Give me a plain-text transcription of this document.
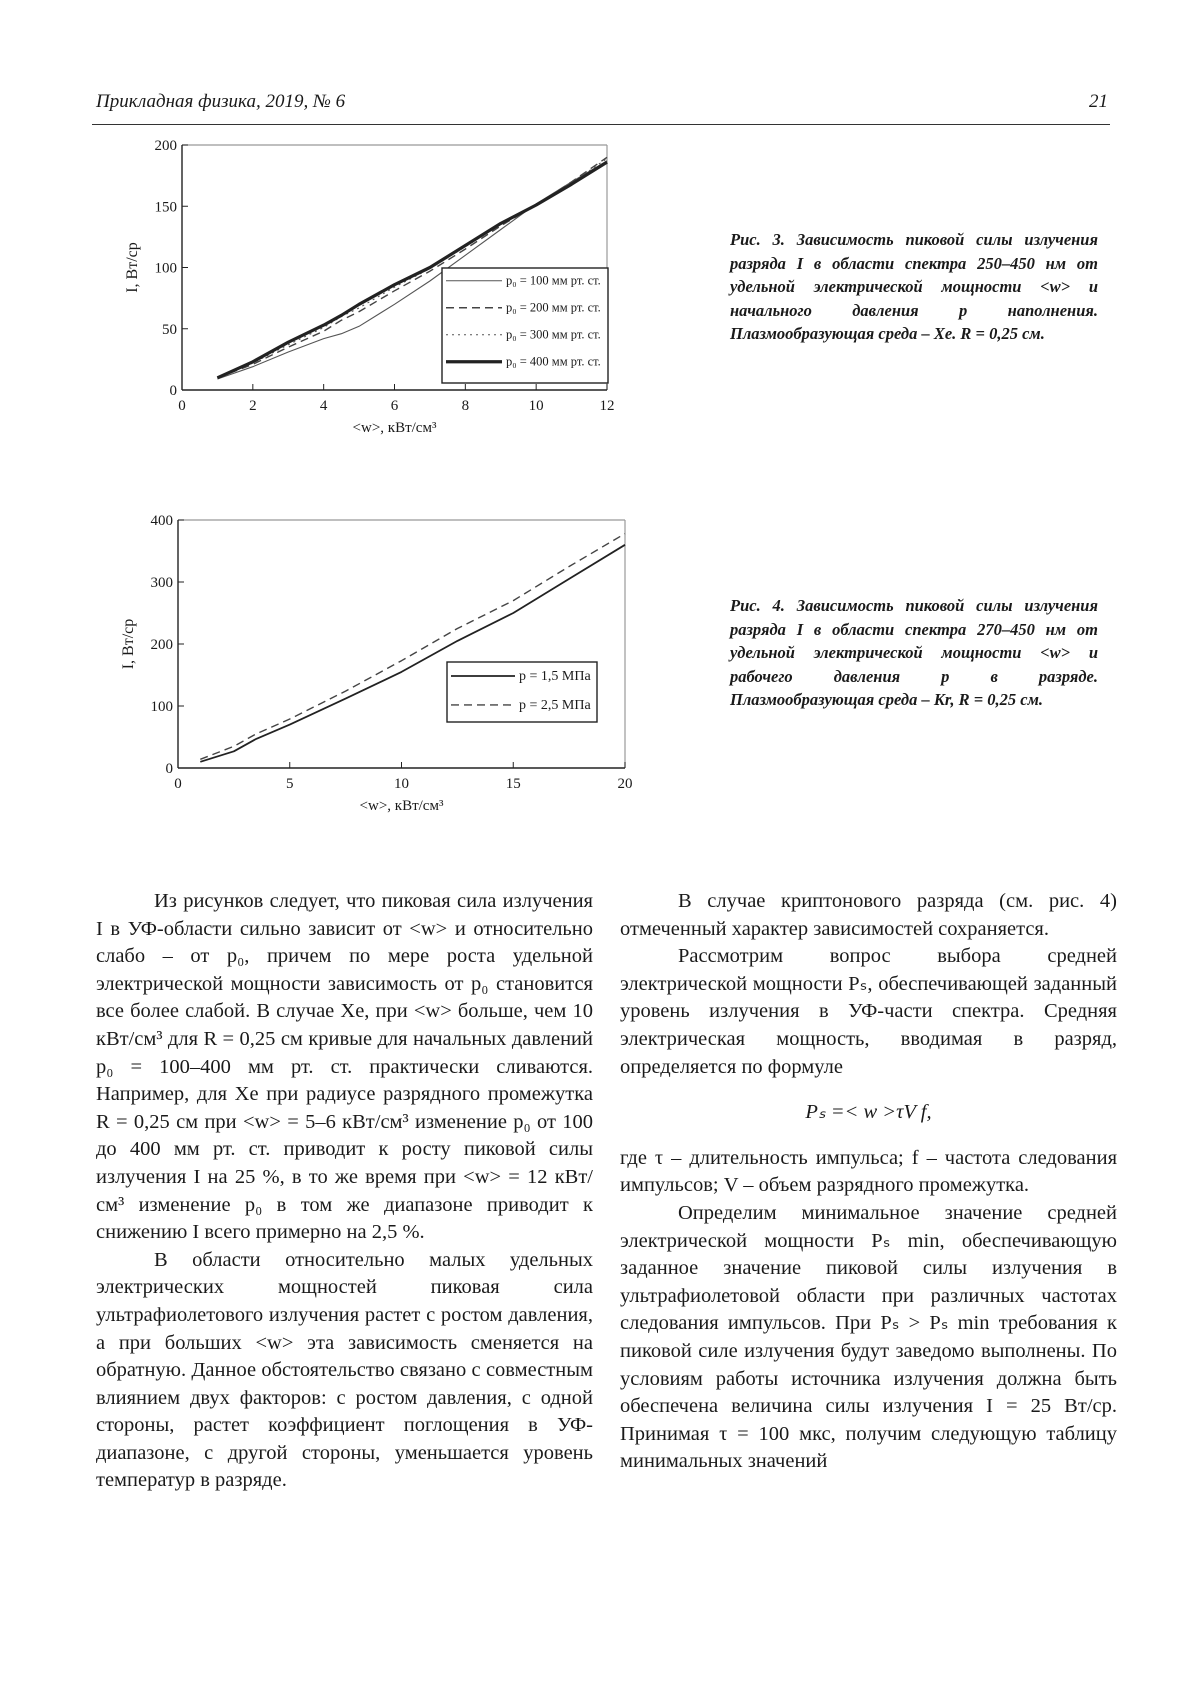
Прикладная физика, 2019, № 6	21
0	2	4	6	8	10	12
0
50
100
150
200
<w>, кВт/см³
I, Вт/ср	p₀ = 100 мм рт. ст.
p₀ = 200 мм рт. ст.
p₀ = 300 мм рт. ст.
p₀ = 400 мм рт. ст.
Рис. 3. Зависимость пиковой силы излучения разряда I в области спектра 250–450 нм от удельной электрической мощности <w> и начального давления p наполнения. Плазмообразующая среда – Xe. R = 0,25 см.
0	5	10	15	20
0
100
200
300
400
<w>, кВт/см³
I, Вт/ср
p = 1,5 МПа
p = 2,5 МПа
Рис. 4. Зависимость пиковой силы излучения разряда I в области спектра 270–450 нм от удельной электрической мощности <w> и рабочего давления p в разряде. Плазмообразующая среда – Kr, R = 0,25 см.

Из рисунков следует, что пиковая сила излучения I в УФ-области сильно зависит от <w> и относительно слабо – от p₀, причем по мере роста удельной электрической мощности зависимость от p₀ становится все более слабой. В случае Xe, при <w> больше, чем 10 кВт/см³ для R = 0,25 см кривые для начальных давлений p₀ = 100–400 мм рт. ст. практически сливаются. Например, для Xe при радиусе разрядного промежутка R = 0,25 см при <w> = 5–6 кВт/см³ изменение p₀ от 100 до 400 мм рт. ст. приводит к росту пиковой силы излучения I на 25 %, в то же время при <w> = 12 кВт/см³ изменение p₀ в том же диапазоне приводит к снижению I всего примерно на 2,5 %.

В области относительно малых удельных электрических мощностей пиковая сила ультрафиолетового излучения растет с ростом давления, а при больших <w> эта зависимость сменяется на обратную. Данное обстоятельство связано с совместным влиянием двух факторов: с ростом давления, с одной стороны, растет коэффициент поглощения в УФ-диапазоне, с другой стороны, уменьшается уровень температур в разряде.

В случае криптонового разряда (см. рис. 4) отмеченный характер зависимостей сохраняется.

Рассмотрим вопрос выбора средней электрической мощности Pₛ, обеспечивающей заданный уровень излучения в УФ-части спектра. Средняя электрическая мощность, вводимая в разряд, определяется по формуле

Pₛ =< w >τV f,

где τ – длительность импульса; f – частота следования импульсов; V – объем разрядного промежутка.

Определим минимальное значение средней электрической мощности Pₛ min, обеспечивающую заданное значение пиковой силы излучения в ультрафиолетовой области при различных частотах следования импульсов. При Pₛ > Pₛ min требования к пиковой силе излучения будут заведомо выполнены. По условиям работы источника излучения должна быть обеспечена величина силы излучения I = 25 Вт/ср. Принимая τ = 100 мкс, получим следующую таблицу минимальных значений
